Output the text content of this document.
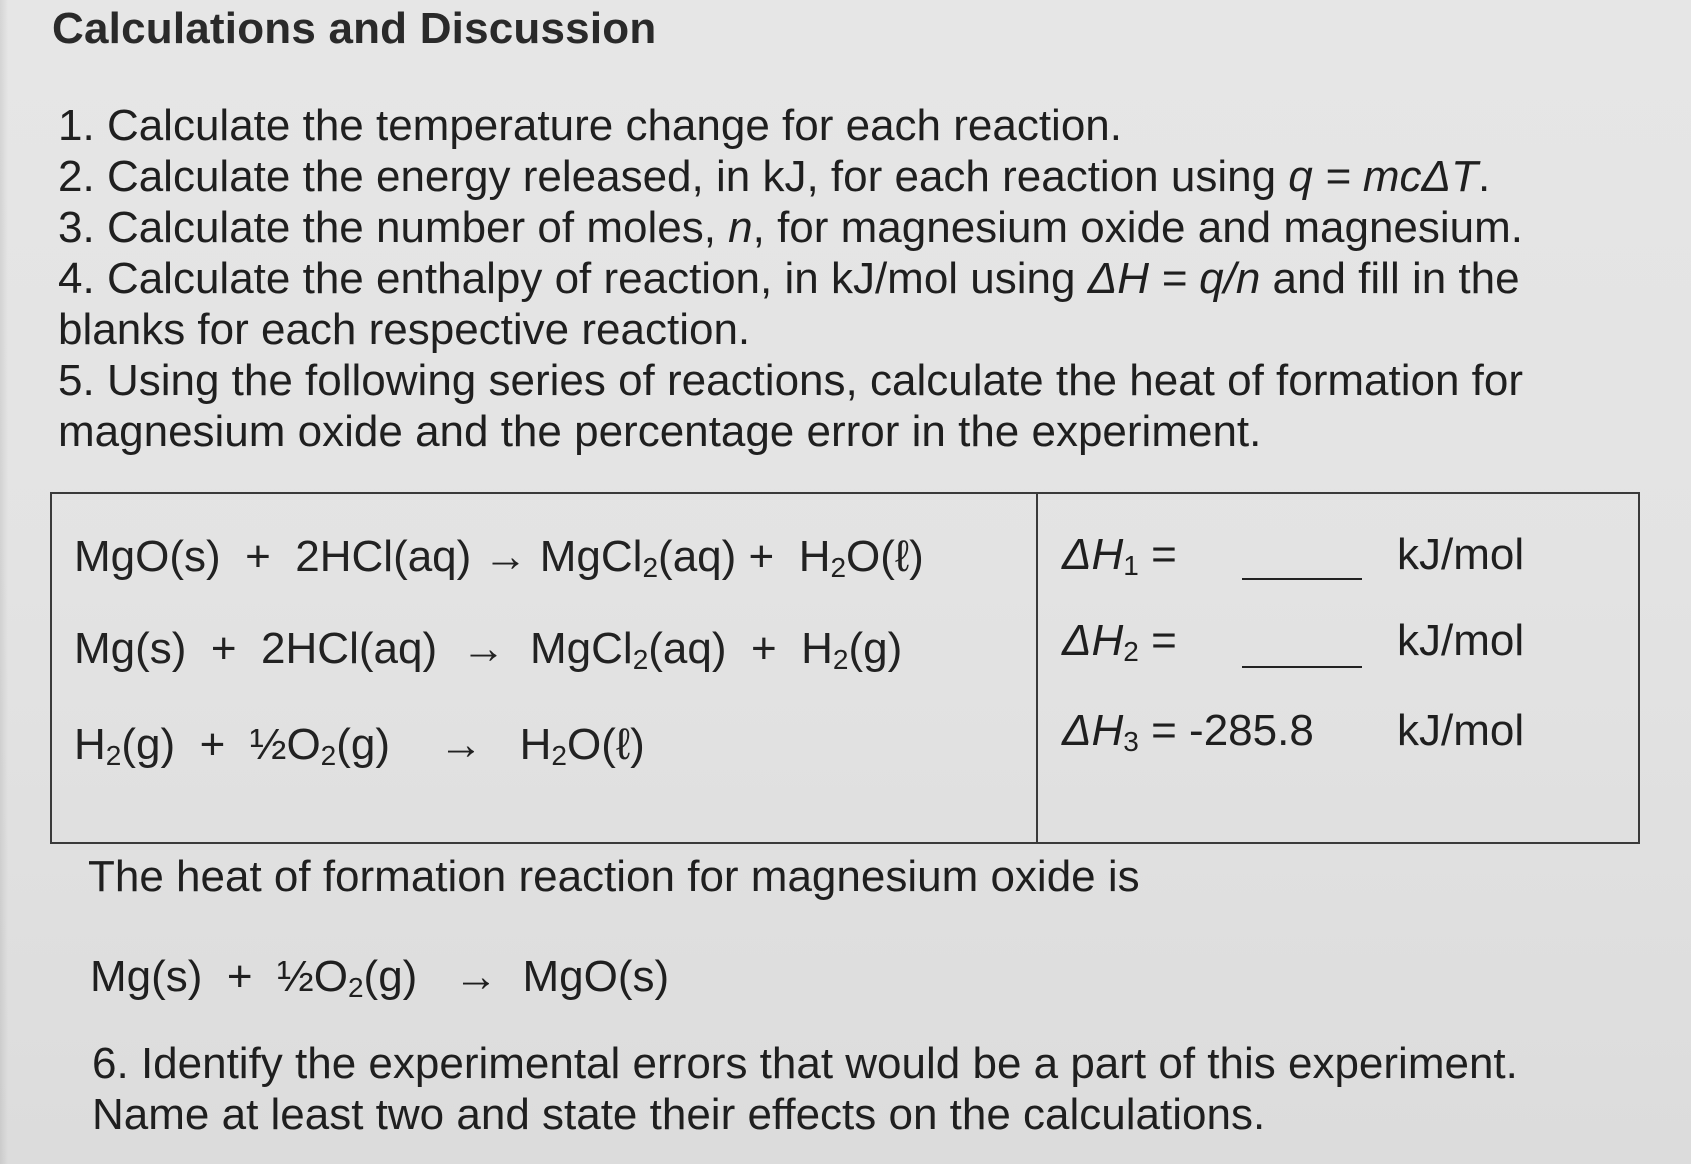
Calculations and Discussion
1. Calculate the temperature change for each reaction.
2. Calculate the energy released, in kJ, for each reaction using q = mcΔT.
3. Calculate the number of moles, n, for magnesium oxide and magnesium.
4. Calculate the enthalpy of reaction, in kJ/mol using ΔH = q/n and fill in the blanks for each respective reaction.
5. Using the following series of reactions, calculate the heat of formation for magnesium oxide and the percentage error in the experiment.
MgO(s) + 2HCl(aq) → MgCl$_2$(aq) + $H_2O(\ell)$	$\Delta H_1$ =	kJ/mol
Mg(s) + 2HCl(aq) → MgCl$_2$(aq) + $H_2(g)$	$\Delta H_2$ =	kJ/mol
$H_2(g)$ + $\frac{1}{2}O_2(g)$ → $H_2O(\ell)$	$\Delta H_3 = -285.8$ kJ/mol
The heat of formation reaction for magnesium oxide is
$Mg(s) + \frac{1}{2}O_2(g) \to MgO(s)$
6. Identify the experimental errors that would be a part of this experiment. Name at least two and state their effects on the calculations.
